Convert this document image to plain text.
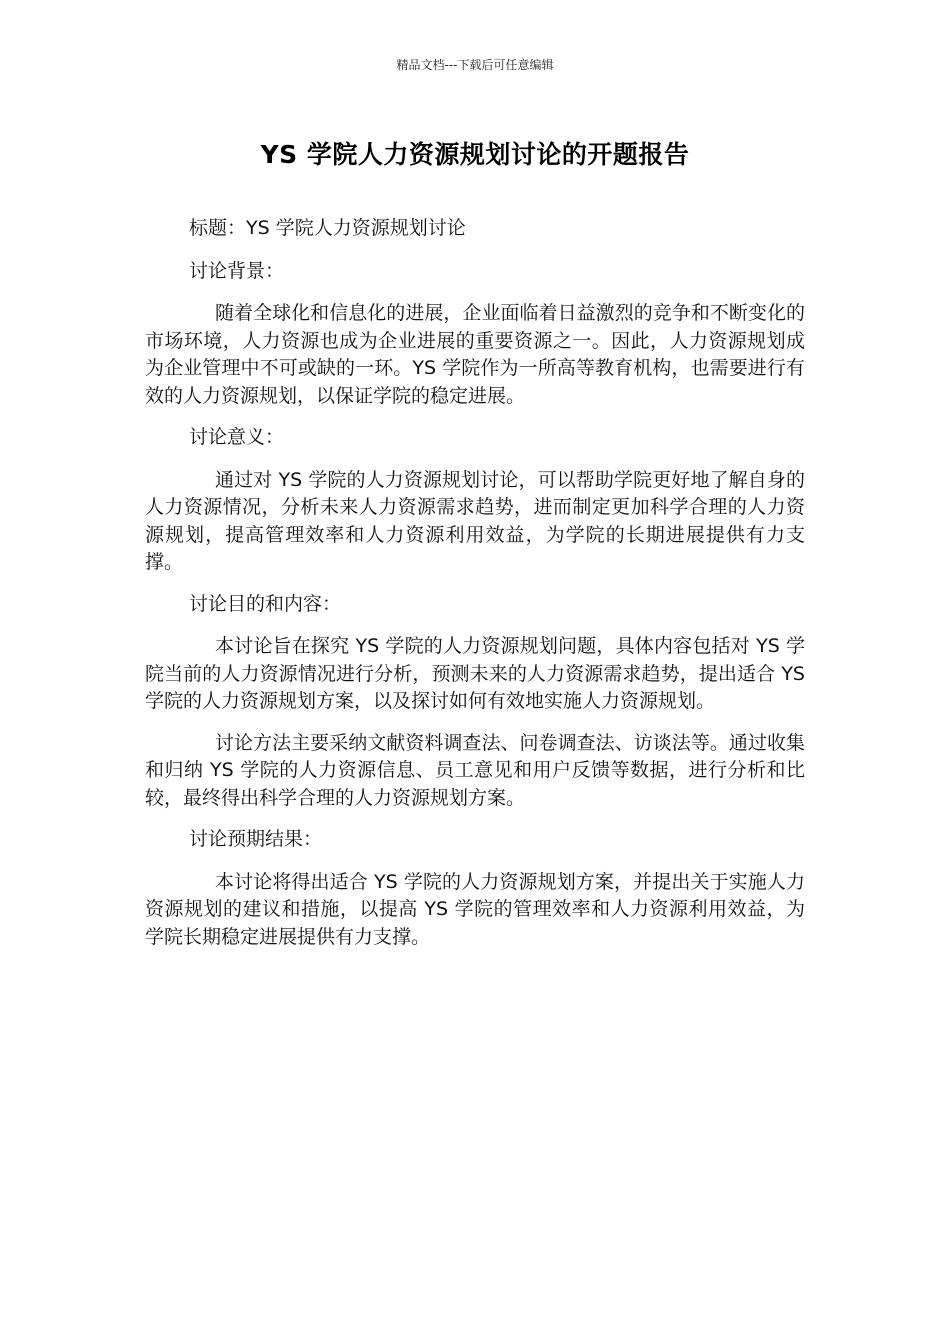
精品文档---下载后可任意编辑
YS 学院人力资源规划讨论的开题报告

标题：YS 学院人力资源规划讨论

讨论背景：

随着全球化和信息化的进展，企业面临着日益激烈的竞争和不断变化的市场环境，人力资源也成为企业进展的重要资源之一。因此，人力资源规划成为企业管理中不可或缺的一环。YS 学院作为一所高等教育机构，也需要进行有效的人力资源规划，以保证学院的稳定进展。

讨论意义：

通过对 YS 学院的人力资源规划讨论，可以帮助学院更好地了解自身的人力资源情况，分析未来人力资源需求趋势，进而制定更加科学合理的人力资源规划，提高管理效率和人力资源利用效益，为学院的长期进展提供有力支撑。

讨论目的和内容：

本讨论旨在探究 YS 学院的人力资源规划问题，具体内容包括对 YS 学院当前的人力资源情况进行分析，预测未来的人力资源需求趋势，提出适合 YS 学院的人力资源规划方案，以及探讨如何有效地实施人力资源规划。

讨论方法主要采纳文献资料调查法、问卷调查法、访谈法等。通过收集和归纳 YS 学院的人力资源信息、员工意见和用户反馈等数据，进行分析和比较，最终得出科学合理的人力资源规划方案。

讨论预期结果：

本讨论将得出适合 YS 学院的人力资源规划方案，并提出关于实施人力资源规划的建议和措施，以提高 YS 学院的管理效率和人力资源利用效益，为学院长期稳定进展提供有力支撑。
